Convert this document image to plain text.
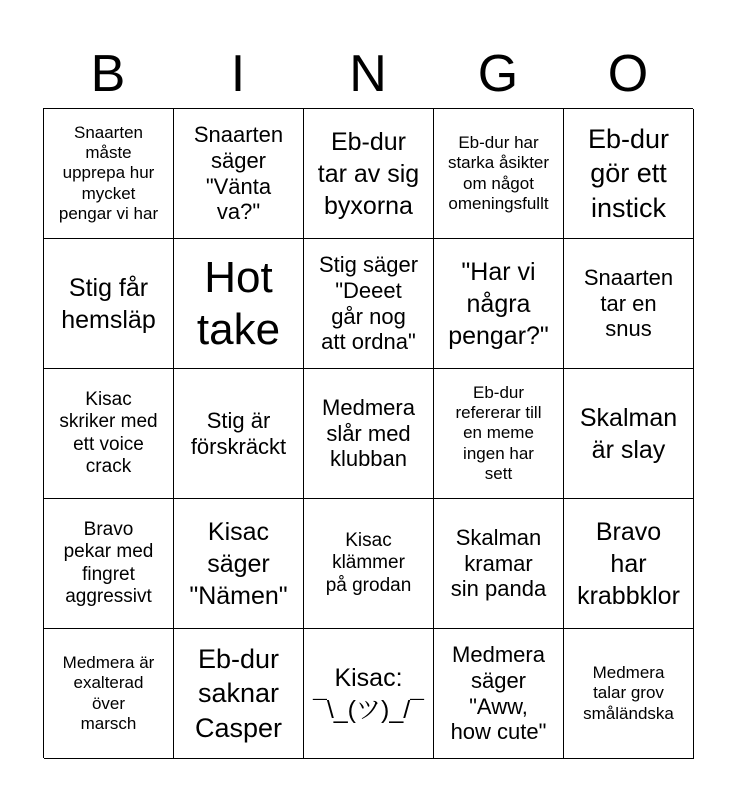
B	I	N	G	O
Snaarten
måste
upprepa hur
mycket
pengar vi har
Snaarten
säger
"Vänta
va?"
Eb-dur
tar av sig
byxorna
Eb-dur har
starka åsikter
om något
omeningsfullt
Eb-dur
gör ett
instick
Stig får
hemsläp
Hot
take
Stig säger
"Deeet
går nog
att ordna"
"Har vi
några
pengar?"
Snaarten
tar en
snus
Kisac
skriker med
ett voice
crack
Stig är
förskräckt
Medmera
slår med
klubban
Eb-dur
refererar till
en meme
ingen har
sett
Skalman
är slay
Bravo
pekar med
fingret
aggressivt
Kisac
säger
"Nämen"
Kisac
klämmer
på grodan
Skalman
kramar
sin panda
Bravo
har
krabbklor
Medmera är
exalterad
över
marsch
Eb-dur
saknar
Casper
Kisac:
¯\_(ツ)_/¯
Medmera
säger
"Aww,
how cute"
Medmera
talar grov
småländska
